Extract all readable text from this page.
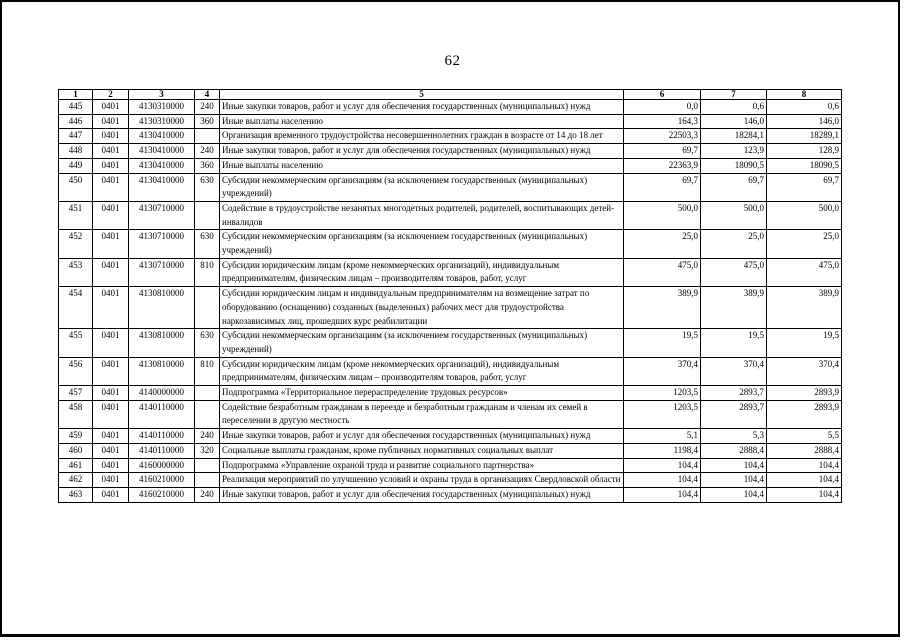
62
1	2	3	4	5	6	7	8
445	0401	4130310000	240	Иные закупки товаров, работ и услуг для обеспечения государственных (муниципальных) нужд	0,0	0,6	0,6
446	0401	4130310000	360	Иные выплаты населению	164,3	146,0	146,0
447	0401	4130410000		Организация временного трудоустройства несовершеннолетних граждан в возрасте от 14 до 18 лет	22503,3	18284,1	18289,1
448	0401	4130410000	240	Иные закупки товаров, работ и услуг для обеспечения государственных (муниципальных) нужд	69,7	123,9	128,9
449	0401	4130410000	360	Иные выплаты населению	22363,9	18090,5	18090,5
450	0401	4130410000	630	Субсидии некоммерческим организациям (за исключением государственных (муниципальных) учреждений)	69,7	69,7	69,7
451	0401	4130710000		Содействие в трудоустройстве незанятых многодетных родителей, родителей, воспитывающих детей-инвалидов	500,0	500,0	500,0
452	0401	4130710000	630	Субсидии некоммерческим организациям (за исключением государственных (муниципальных) учреждений)	25,0	25,0	25,0
453	0401	4130710000	810	Субсидии юридическим лицам (кроме некоммерческих организаций), индивидуальным предпринимателям, физическим лицам – производителям товаров, работ, услуг	475,0	475,0	475,0
454	0401	4130810000		Субсидии юридическим лицам и индивидуальным предпринимателям на возмещение затрат по оборудованию (оснащению) созданных (выделенных) рабочих мест для трудоустройства наркозависимых лиц, прошедших курс реабилитации	389,9	389,9	389,9
455	0401	4130810000	630	Субсидии некоммерческим организациям (за исключением государственных (муниципальных) учреждений)	19,5	19,5	19,5
456	0401	4130810000	810	Субсидии юридическим лицам (кроме некоммерческих организаций), индивидуальным предпринимателям, физическим лицам – производителям товаров, работ, услуг	370,4	370,4	370,4
457	0401	4140000000		Подпрограмма «Территориальное перераспределение трудовых ресурсов»	1203,5	2893,7	2893,9
458	0401	4140110000		Содействие безработным гражданам в переезде и безработным гражданам и членам их семей в переселении в другую местность	1203,5	2893,7	2893,9
459	0401	4140110000	240	Иные закупки товаров, работ и услуг для обеспечения государственных (муниципальных) нужд	5,1	5,3	5,5
460	0401	4140110000	320	Социальные выплаты гражданам, кроме публичных нормативных социальных выплат	1198,4	2888,4	2888,4
461	0401	4160000000		Подпрограмма «Управление охраной труда и развитие социального партнерства»	104,4	104,4	104,4
462	0401	4160210000		Реализация мероприятий по улучшению условий и охраны труда в организациях Свердловской области	104,4	104,4	104,4
463	0401	4160210000	240	Иные закупки товаров, работ и услуг для обеспечения государственных (муниципальных) нужд	104,4	104,4	104,4
